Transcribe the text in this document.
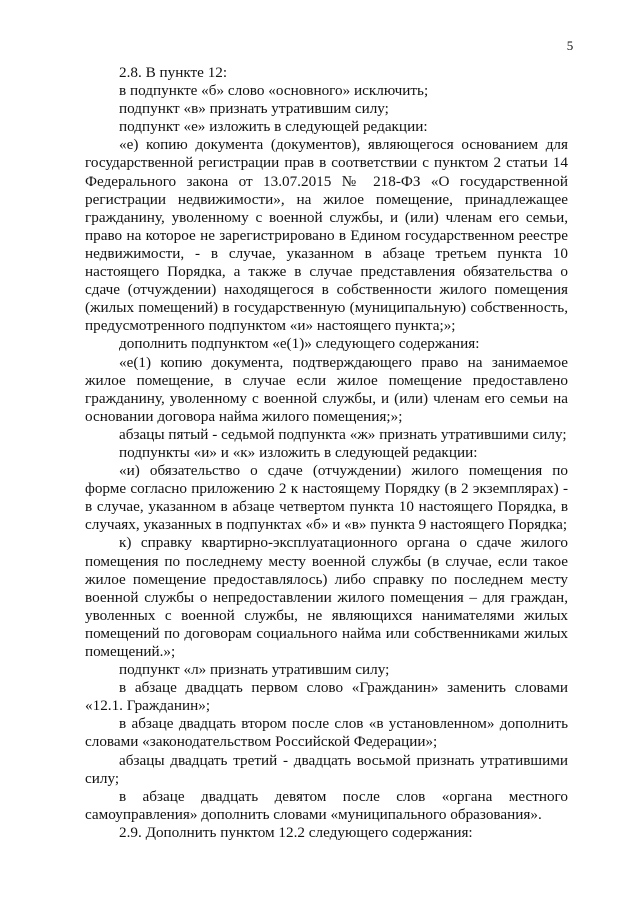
5

2.8. В пункте 12:

в подпункте «б» слово «основного» исключить;

подпункт «в» признать утратившим силу;

подпункт «е» изложить в следующей редакции:

«е) копию документа (документов), являющегося основанием для государственной регистрации прав в соответствии с пунктом 2 статьи 14 Федерального закона от 13.07.2015 № 218-ФЗ «О государственной регистрации недвижимости», на жилое помещение, принадлежащее гражданину, уволенному с военной службы, и (или) членам его семьи, право на которое не зарегистрировано в Едином государственном реестре недвижимости, - в случае, указанном в абзаце третьем пункта 10 настоящего Порядка, а также в случае представления обязательства о сдаче (отчуждении) находящегося в собственности жилого помещения (жилых помещений) в государственную (муниципальную) собственность, предусмотренного подпунктом «и» настоящего пункта;»;

дополнить подпунктом «е(1)» следующего содержания:

«е(1) копию документа, подтверждающего право на занимаемое жилое помещение, в случае если жилое помещение предоставлено гражданину, уволенному с военной службы, и (или) членам его семьи на основании договора найма жилого помещения;»;

абзацы пятый - седьмой подпункта «ж» признать утратившими силу;

подпункты «и» и «к» изложить в следующей редакции:

«и) обязательство о сдаче (отчуждении) жилого помещения по форме согласно приложению 2 к настоящему Порядку (в 2 экземплярах) - в случае, указанном в абзаце четвертом пункта 10 настоящего Порядка, в случаях, указанных в подпунктах «б» и «в» пункта 9 настоящего Порядка;

к) справку квартирно-эксплуатационного органа о сдаче жилого помещения по последнему месту военной службы (в случае, если такое жилое помещение предоставлялось) либо справку по последнем месту военной службы о непредоставлении жилого помещения – для граждан, уволенных с военной службы, не являющихся нанимателями жилых помещений по договорам социального найма или собственниками жилых помещений.»;

подпункт «л» признать утратившим силу;

в абзаце двадцать первом слово «Гражданин» заменить словами «12.1. Гражданин»;

в абзаце двадцать втором после слов «в установленном» дополнить словами «законодательством Российской Федерации»;

абзацы двадцать третий - двадцать восьмой признать утратившими силу;

в абзаце двадцать девятом после слов «органа местного самоуправления» дополнить словами «муниципального образования».

2.9. Дополнить пунктом 12.2 следующего содержания:
